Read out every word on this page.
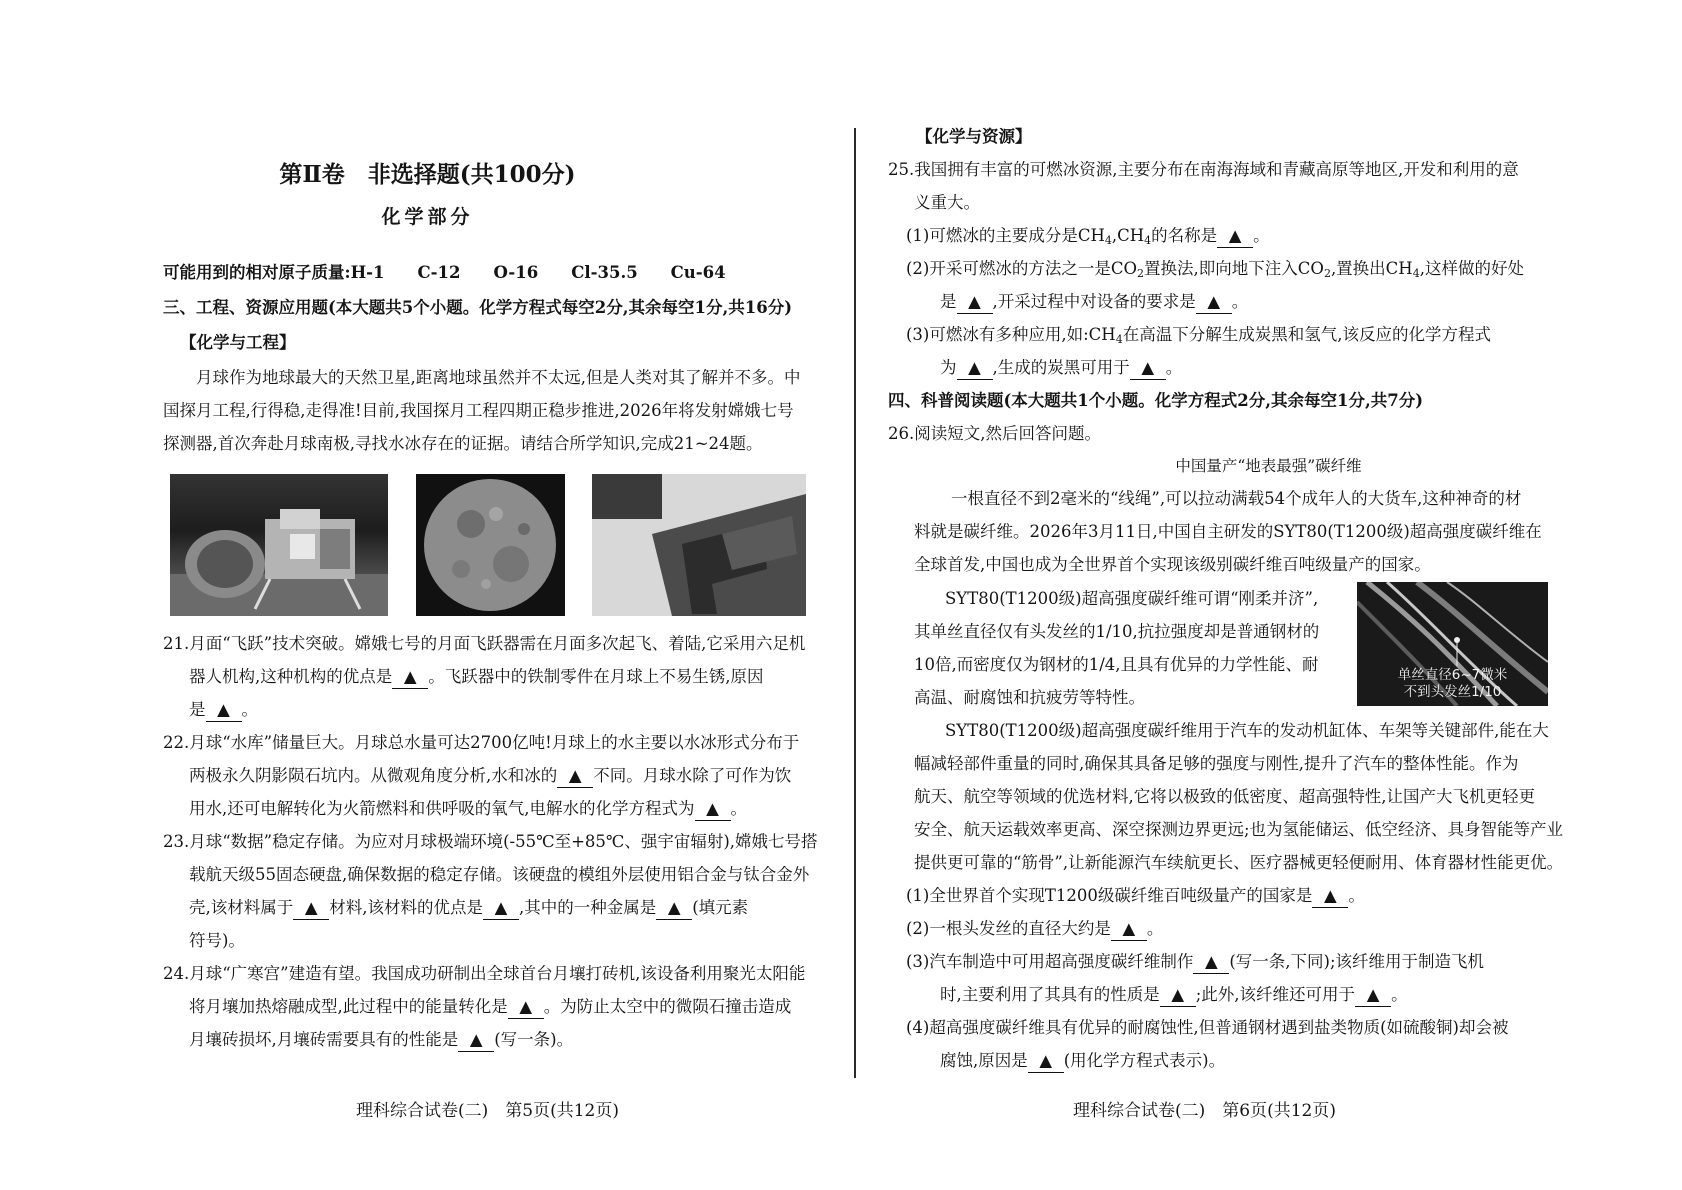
第Ⅱ卷　非选择题(共100分)
化学部分
可能用到的相对原子质量:H-1　　C-12　　O-16　　Cl-35.5　　Cu-64
三、工程、资源应用题(本大题共5个小题。化学方程式每空2分,其余每空1分,共16分)
【化学与工程】
月球作为地球最大的天然卫星,距离地球虽然并不太远,但是人类对其了解并不多。中
国探月工程,行得稳,走得准!目前,我国探月工程四期正稳步推进,2026年将发射嫦娥七号
探测器,首次奔赴月球南极,寻找水冰存在的证据。请结合所学知识,完成21~24题。
21.月面“飞跃”技术突破。嫦娥七号的月面飞跃器需在月面多次起飞、着陆,它采用六足机
器人机构,这种机构的优点是 ▲ 。飞跃器中的铁制零件在月球上不易生锈,原因
是 ▲ 。
22.月球“水库”储量巨大。月球总水量可达2700亿吨!月球上的水主要以水冰形式分布于
两极永久阴影陨石坑内。从微观角度分析,水和冰的 ▲ 不同。月球水除了可作为饮
用水,还可电解转化为火箭燃料和供呼吸的氧气,电解水的化学方程式为 ▲ 。
23.月球“数据”稳定存储。为应对月球极端环境(-55℃至+85℃、强宇宙辐射),嫦娥七号搭
载航天级55固态硬盘,确保数据的稳定存储。该硬盘的模组外层使用铝合金与钛合金外
壳,该材料属于 ▲ 材料,该材料的优点是 ▲ ,其中的一种金属是 ▲ (填元素
符号)。
24.月球“广寒宫”建造有望。我国成功研制出全球首台月壤打砖机,该设备利用聚光太阳能
将月壤加热熔融成型,此过程中的能量转化是 ▲ 。为防止太空中的微陨石撞击造成
月壤砖损坏,月壤砖需要具有的性能是 ▲ (写一条)。
理科综合试卷(二)　第5页(共12页)
【化学与资源】
25.我国拥有丰富的可燃冰资源,主要分布在南海海域和青藏高原等地区,开发和利用的意
义重大。
(1)可燃冰的主要成分是$CH_4,CH_4$的名称是 ▲ 。
(2)开采可燃冰的方法之一是$CO_2$置换法,即向地下注入$CO_2$,置换出$CH_4$,这样做的好处
是 ▲ ,开采过程中对设备的要求是 ▲ 。
(3)可燃冰有多种应用,如$:CH_4$在高温下分解生成炭黑和氢气,该反应的化学方程式
为 ▲ ,生成的炭黑可用于 ▲ 。
四、科普阅读题(本大题共1个小题。化学方程式2分,其余每空1分,共7分)
26.阅读短文,然后回答问题。
中国量产“地表最强”碳纤维
一根直径不到2毫米的“线绳”,可以拉动满载54个成年人的大货车,这种神奇的材
料就是碳纤维。2026年3月11日,中国自主研发的SYT80(T1200级)超高强度碳纤维在
全球首发,中国也成为全世界首个实现该级别碳纤维百吨级量产的国家。
SYT80(T1200级)超高强度碳纤维可谓“刚柔并济”,
其单丝直径仅有头发丝的1/10,抗拉强度却是普通钢材的
10倍,而密度仅为钢材的1/4,且具有优异的力学性能、耐
高温、耐腐蚀和抗疲劳等特性。
单丝直径6~7微米
不到头发丝1/10
SYT80(T1200级)超高强度碳纤维用于汽车的发动机缸体、车架等关键部件,能在大
幅减轻部件重量的同时,确保其具备足够的强度与刚性,提升了汽车的整体性能。作为
航天、航空等领域的优选材料,它将以极致的低密度、超高强特性,让国产大飞机更轻更
安全、航天运载效率更高、深空探测边界更远;也为氢能储运、低空经济、具身智能等产业
提供更可靠的“筋骨”,让新能源汽车续航更长、医疗器械更轻便耐用、体育器材性能更优。
(1)全世界首个实现T1200级碳纤维百吨级量产的国家是 ▲ 。
(2)一根头发丝的直径大约是 ▲ 。
(3)汽车制造中可用超高强度碳纤维制作 ▲ (写一条,下同);该纤维用于制造飞机
时,主要利用了其具有的性质是 ▲ ;此外,该纤维还可用于 ▲ 。
(4)超高强度碳纤维具有优异的耐腐蚀性,但普通钢材遇到盐类物质(如硫酸铜)却会被
腐蚀,原因是 ▲ (用化学方程式表示)。
理科综合试卷(二)　第6页(共12页)
